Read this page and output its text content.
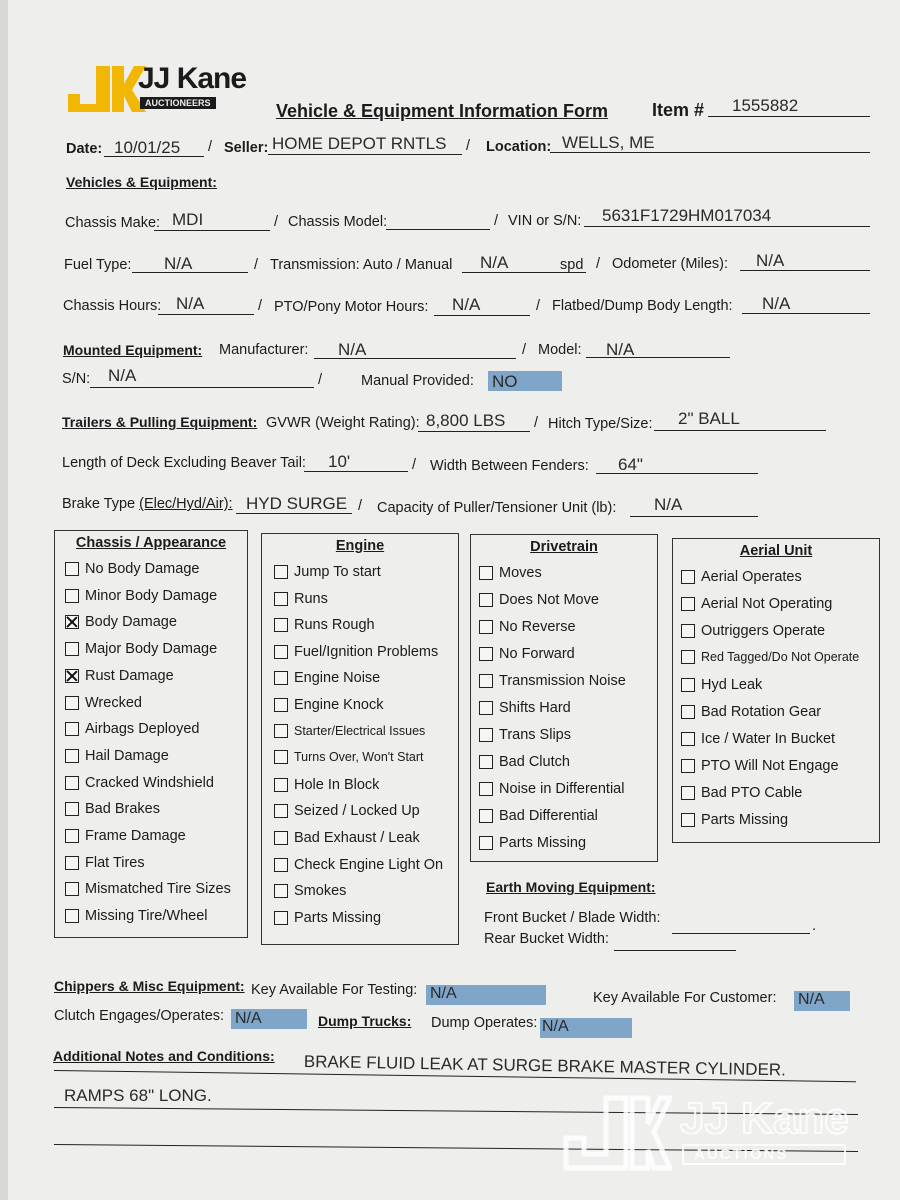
JJ Kane
AUCTIONEERS	Vehicle & Equipment Information Form Item # 1555882
Date: 10/01/25 / Seller: HOME DEPOT RNTLS / Location: WELLS, ME
Vehicles & Equipment:
Chassis Make: MDI	/ Chassis Model:	/ VIN or S/N: 5631F1729HM017034
Fuel Type: N/A	/ Transmission: Auto / Manual N/A	spd / Odometer (Miles): N/A
Chassis Hours: N/A	/ PTO/Pony Motor Hours: N/A	/ Flatbed/Dump Body Length: N/A
Mounted Equipment: Manufacturer: N/A	/ Model: N/A
S/N: N/A	/	Manual Provided: NO
Trailers & Pulling Equipment: GVWR (Weight Rating): 8,800 LBS / Hitch Type/Size: 2" BALL
Length of Deck Excluding Beaver Tail: 10'	/ Width Between Fenders: 64"
Brake Type (Elec/Hyd/Air): HYD SURGE / Capacity of Puller/Tensioner Unit (lb): N/A
Chassis / Appearance
No Body Damage
Minor Body Damage
Body Damage
Major Body Damage
Rust Damage
Wrecked
Airbags Deployed
Hail Damage
Cracked Windshield
Bad Brakes
Frame Damage
Flat Tires
Mismatched Tire Sizes
Missing Tire/Wheel
Engine
Jump To start
Runs
Runs Rough
Fuel/Ignition Problems
Engine Noise
Engine Knock
Starter/Electrical Issues
Turns Over, Won't Start
Hole In Block
Seized / Locked Up
Bad Exhaust / Leak
Check Engine Light On
Smokes
Parts Missing
Drivetrain
Moves
Does Not Move
No Reverse
No Forward
Transmission Noise
Shifts Hard
Trans Slips
Bad Clutch
Noise in Differential
Bad Differential
Parts Missing
Aerial Unit
Aerial Operates
Aerial Not Operating
Outriggers Operate
Red Tagged/Do Not Operate
Hyd Leak
Bad Rotation Gear
Ice / Water In Bucket
PTO Will Not Engage
Bad PTO Cable
Parts Missing
Earth Moving Equipment:
Front Bucket / Blade Width:	.
Rear Bucket Width:
Chippers & Misc Equipment: Key Available For Testing: N/A	Key Available For Customer: N/A
Clutch Engages/Operates: N/A	Dump Trucks: Dump Operates: N/A
Additional Notes and Conditions: BRAKE FLUID LEAK AT SURGE BRAKE MASTER CYLINDER.
RAMPS 68" LONG.	JJ Kane
AUCTIONS
